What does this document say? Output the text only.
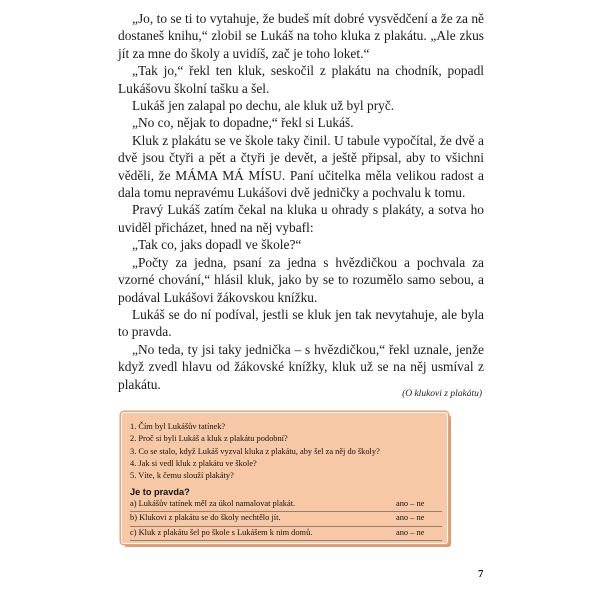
„Jo, to se ti to vytahuje, že budeš mít dobré vysvědčení a že za ně dostaneš knihu,“ zlobil se Lukáš na toho kluka z plakátu. „Ale zkus jít za mne do školy a uvidíš, zač je toho loket.“

„Tak jo,“ řekl ten kluk, seskočil z plakátu na chodník, popadl Lukášovu školní tašku a šel.

Lukáš jen zalapal po dechu, ale kluk už byl pryč.

„No co, nějak to dopadne,“ řekl si Lukáš.

Kluk z plakátu se ve škole taky činil. U tabule vypočítal, že dvě a dvě jsou čtyři a pět a čtyři je devět, a ještě připsal, aby to všichni věděli, že MÁMA MÁ MÍSU. Paní učitelka měla velikou radost a dala tomu nepravému Lukášovi dvě jedničky a pochvalu k tomu.

Pravý Lukáš zatím čekal na kluka u ohrady s plakáty, a sotva ho uviděl přicházet, hned na něj vybafl:

„Tak co, jaks dopadl ve škole?“

„Počty za jedna, psaní za jedna s hvězdičkou a pochvala za vzorné chování,“ hlásil kluk, jako by se to rozumělo samo sebou, a podával Lukášovi žákovskou knížku.

Lukáš se do ní podíval, jestli se kluk jen tak nevytahuje, ale byla to pravda.

„No teda, ty jsi taky jednička – s hvězdičkou,“ řekl uznale, jenže když zvedl hlavu od žákovské knížky, kluk už se na něj usmíval z plakátu.

(O klukovi z plakátu)
1. Čím byl Lukášův tatínek?
2. Proč si byli Lukáš a kluk z plakátu podobní?
3. Co se stalo, když Lukáš vyzval kluka z plakátu, aby šel za něj do školy?
4. Jak si vedl kluk z plakátu ve škole?
5. Víte, k čemu slouží plakáty?
Je to pravda?
a) Lukášův tatínek měl za úkol namalovat plakát.	ano – ne
b) Klukovi z plakátu se do školy nechtělo jít.	ano – ne
c) Kluk z plakátu šel po škole s Lukášem k nim domů.	ano – ne
7
